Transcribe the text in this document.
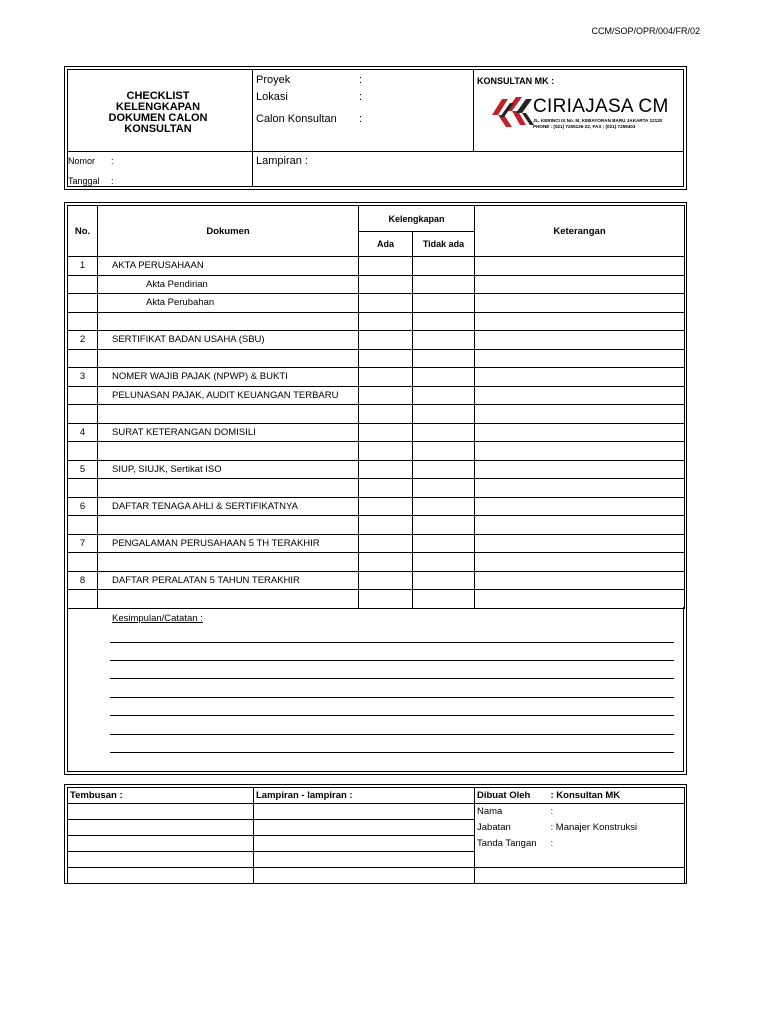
CCM/SOP/OPR/004/FR/02
CHECKLIST KELENGKAPAN
DOKUMEN CALON
KONSULTAN
Proyek	:
Lokasi	:
Calon Konsultan :
KONSULTAN MK :
CIRIAJASA CM
JL. KERINCI IX No. M, KEBAYORAN BARU JAKARTA 12120
PHONE : (021) 7265126-22, FAX : (021) 7259403
Nomor :
Tanggal :
Lampiran :
No.	Dokumen	Kelengkapan		Keterangan
		Ada	Tidak ada	
1	AKTA PERUSAHAAN			
	Akta Pendirian			
	Akta Perubahan			

2	SERTIFIKAT BADAN USAHA (SBU)			

3	NOMER WAJIB PAJAK (NPWP) & BUKTI			
	PELUNASAN PAJAK, AUDIT KEUANGAN TERBARU			

4	SURAT KETERANGAN DOMISILI			

5	SIUP, SIUJK, Sertikat ISO			

6	DAFTAR TENAGA AHLI & SERTIFIKATNYA			

7	PENGALAMAN PERUSAHAAN 5 TH TERAKHIR			

8	DAFTAR PERALATAN 5 TAHUN TERAKHIR			

Kesimpulan/Catatan :
Tembusan :	Lampiran - lampiran :	Dibuat Oleh	: Konsultan MK
		Nama	:
		Jabatan	: Manajer Konstruksi
		Tanda Tangan	:
